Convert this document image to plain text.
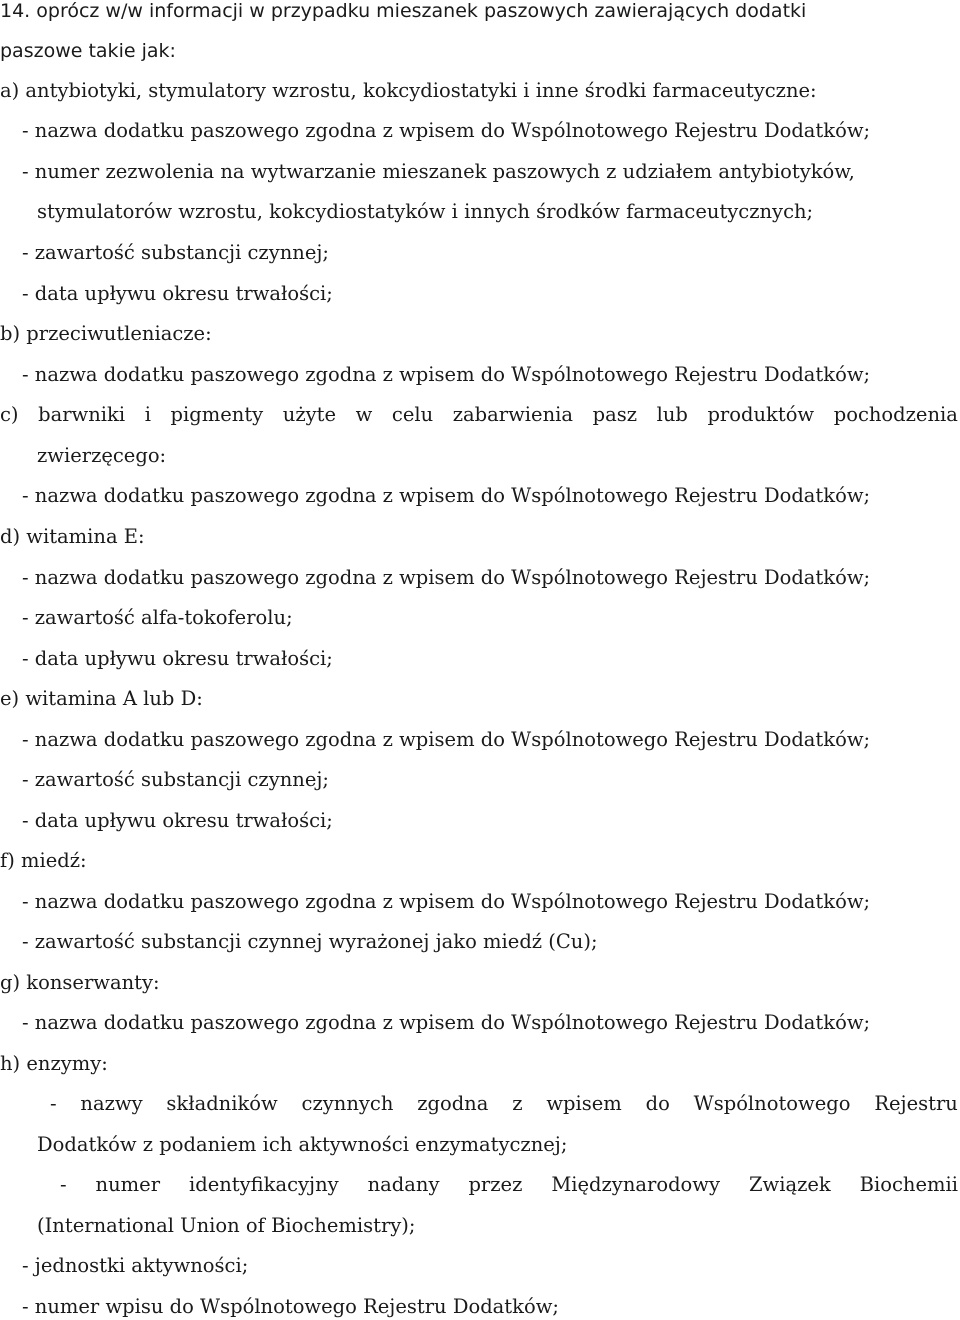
14. oprócz w/w informacji w przypadku mieszanek paszowych zawierających dodatki
paszowe takie jak:
a) antybiotyki, stymulatory wzrostu, kokcydiostatyki i inne środki farmaceutyczne:
- nazwa dodatku paszowego zgodna z wpisem do Wspólnotowego Rejestru Dodatków;
- numer zezwolenia na wytwarzanie mieszanek paszowych z udziałem antybiotyków,
stymulatorów wzrostu, kokcydiostatyków i innych środków farmaceutycznych;
- zawartość substancji czynnej;
- data upływu okresu trwałości;
b) przeciwutleniacze:
- nazwa dodatku paszowego zgodna z wpisem do Wspólnotowego Rejestru Dodatków;
c) barwniki i pigmenty użyte w celu zabarwienia pasz lub produktów pochodzenia
zwierzęcego:
- nazwa dodatku paszowego zgodna z wpisem do Wspólnotowego Rejestru Dodatków;
d) witamina E:
- nazwa dodatku paszowego zgodna z wpisem do Wspólnotowego Rejestru Dodatków;
- zawartość alfa-tokoferolu;
- data upływu okresu trwałości;
e) witamina A lub D:
- nazwa dodatku paszowego zgodna z wpisem do Wspólnotowego Rejestru Dodatków;
- zawartość substancji czynnej;
- data upływu okresu trwałości;
f) miedź:
- nazwa dodatku paszowego zgodna z wpisem do Wspólnotowego Rejestru Dodatków;
- zawartość substancji czynnej wyrażonej jako miedź (Cu);
g) konserwanty:
- nazwa dodatku paszowego zgodna z wpisem do Wspólnotowego Rejestru Dodatków;
h) enzymy:
- nazwy składników czynnych zgodna z wpisem do Wspólnotowego Rejestru
Dodatków z podaniem ich aktywności enzymatycznej;
- numer identyfikacyjny nadany przez Międzynarodowy Związek Biochemii
(International Union of Biochemistry);
- jednostki aktywności;
- numer wpisu do Wspólnotowego Rejestru Dodatków;
